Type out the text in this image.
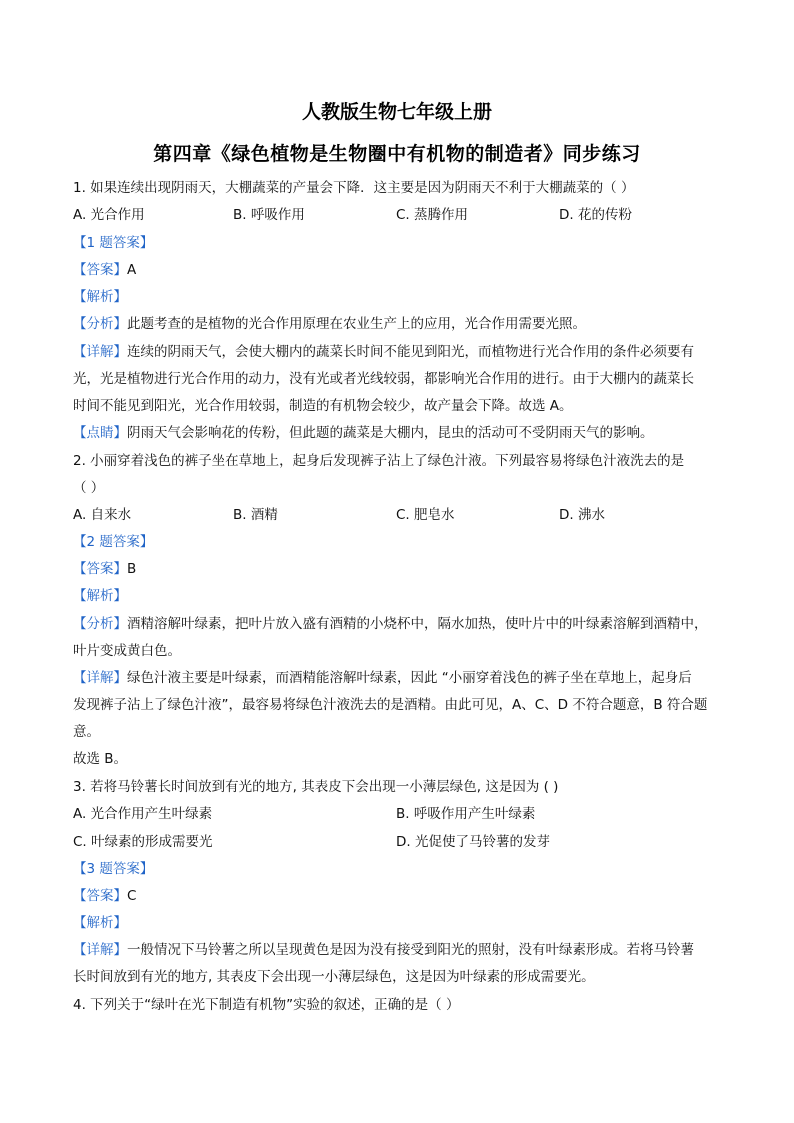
人教版生物七年级上册
第四章《绿色植物是生物圈中有机物的制造者》同步练习
1. 如果连续出现阴雨天，大棚蔬菜的产量会下降．这主要是因为阴雨天不利于大棚蔬菜的（ ）
A. 光合作用	B. 呼吸作用	C. 蒸腾作用	D. 花的传粉
【1 题答案】
【答案】A
【解析】
【分析】此题考查的是植物的光合作用原理在农业生产上的应用，光合作用需要光照。
【详解】连续的阴雨天气，会使大棚内的蔬菜长时间不能见到阳光，而植物进行光合作用的条件必须要有
光，光是植物进行光合作用的动力，没有光或者光线较弱，都影响光合作用的进行。由于大棚内的蔬菜长
时间不能见到阳光，光合作用较弱，制造的有机物会较少，故产量会下降。故选 A。
【点睛】阴雨天气会影响花的传粉，但此题的蔬菜是大棚内，昆虫的活动可不受阴雨天气的影响。
2. 小丽穿着浅色的裤子坐在草地上，起身后发现裤子沾上了绿色汁液。下列最容易将绿色汁液洗去的是
（ ）
A. 自来水	B. 酒精	C. 肥皂水	D. 沸水
【2 题答案】
【答案】B
【解析】
【分析】酒精溶解叶绿素，把叶片放入盛有酒精的小烧杯中，隔水加热，使叶片中的叶绿素溶解到酒精中，
叶片变成黄白色。
【详解】绿色汁液主要是叶绿素，而酒精能溶解叶绿素，因此 “小丽穿着浅色的裤子坐在草地上，起身后
发现裤子沾上了绿色汁液”，最容易将绿色汁液洗去的是酒精。由此可见，A、C、D 不符合题意，B 符合题
意。
故选 B。
3. 若将马铃薯长时间放到有光的地方, 其表皮下会出现一小薄层绿色, 这是因为 ( )
A. 光合作用产生叶绿素	B. 呼吸作用产生叶绿素
C. 叶绿素的形成需要光	D. 光促使了马铃薯的发芽
【3 题答案】
【答案】C
【解析】
【详解】一般情况下马铃薯之所以呈现黄色是因为没有接受到阳光的照射，没有叶绿素形成。若将马铃薯
长时间放到有光的地方, 其表皮下会出现一小薄层绿色，这是因为叶绿素的形成需要光。
4. 下列关于“绿叶在光下制造有机物”实验的叙述，正确的是（ ）
